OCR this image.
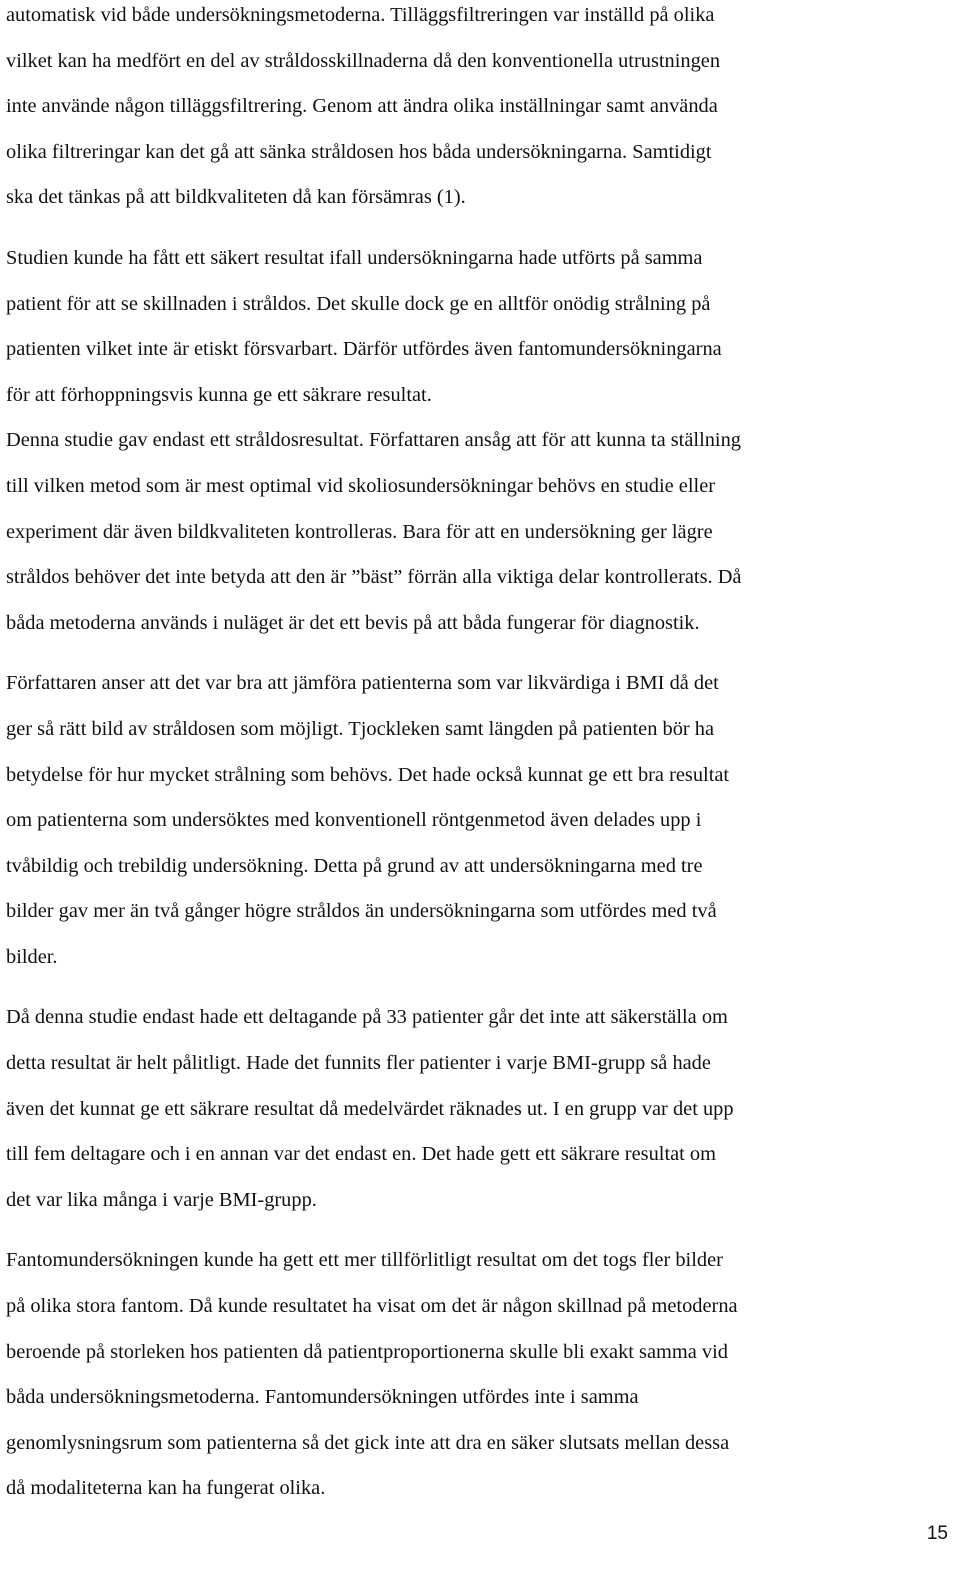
automatisk vid både undersökningsmetoderna. Tilläggsfiltreringen var inställd på olika
vilket kan ha medfört en del av stråldosskillnaderna då den konventionella utrustningen
inte använde någon tilläggsfiltrering. Genom att ändra olika inställningar samt använda
olika filtreringar kan det gå att sänka stråldosen hos båda undersökningarna. Samtidigt
ska det tänkas på att bildkvaliteten då kan försämras (1).
Studien kunde ha fått ett säkert resultat ifall undersökningarna hade utförts på samma
patient för att se skillnaden i stråldos. Det skulle dock ge en alltför onödig strålning på
patienten vilket inte är etiskt försvarbart. Därför utfördes även fantomundersökningarna
för att förhoppningsvis kunna ge ett säkrare resultat.
Denna studie gav endast ett stråldosresultat. Författaren ansåg att för att kunna ta ställning
till vilken metod som är mest optimal vid skoliosundersökningar behövs en studie eller
experiment där även bildkvaliteten kontrolleras. Bara för att en undersökning ger lägre
stråldos behöver det inte betyda att den är ”bäst” förrän alla viktiga delar kontrollerats. Då
båda metoderna används i nuläget är det ett bevis på att båda fungerar för diagnostik.
Författaren anser att det var bra att jämföra patienterna som var likvärdiga i BMI då det
ger så rätt bild av stråldosen som möjligt. Tjockleken samt längden på patienten bör ha
betydelse för hur mycket strålning som behövs. Det hade också kunnat ge ett bra resultat
om patienterna som undersöktes med konventionell röntgenmetod även delades upp i
tvåbildig och trebildig undersökning. Detta på grund av att undersökningarna med tre
bilder gav mer än två gånger högre stråldos än undersökningarna som utfördes med två
bilder.
Då denna studie endast hade ett deltagande på 33 patienter går det inte att säkerställa om
detta resultat är helt pålitligt. Hade det funnits fler patienter i varje BMI-grupp så hade
även det kunnat ge ett säkrare resultat då medelvärdet räknades ut. I en grupp var det upp
till fem deltagare och i en annan var det endast en. Det hade gett ett säkrare resultat om
det var lika många i varje BMI-grupp.
Fantomundersökningen kunde ha gett ett mer tillförlitligt resultat om det togs fler bilder
på olika stora fantom. Då kunde resultatet ha visat om det är någon skillnad på metoderna
beroende på storleken hos patienten då patientproportionerna skulle bli exakt samma vid
båda undersökningsmetoderna. Fantomundersökningen utfördes inte i samma
genomlysningsrum som patienterna så det gick inte att dra en säker slutsats mellan dessa
då modaliteterna kan ha fungerat olika.
15
